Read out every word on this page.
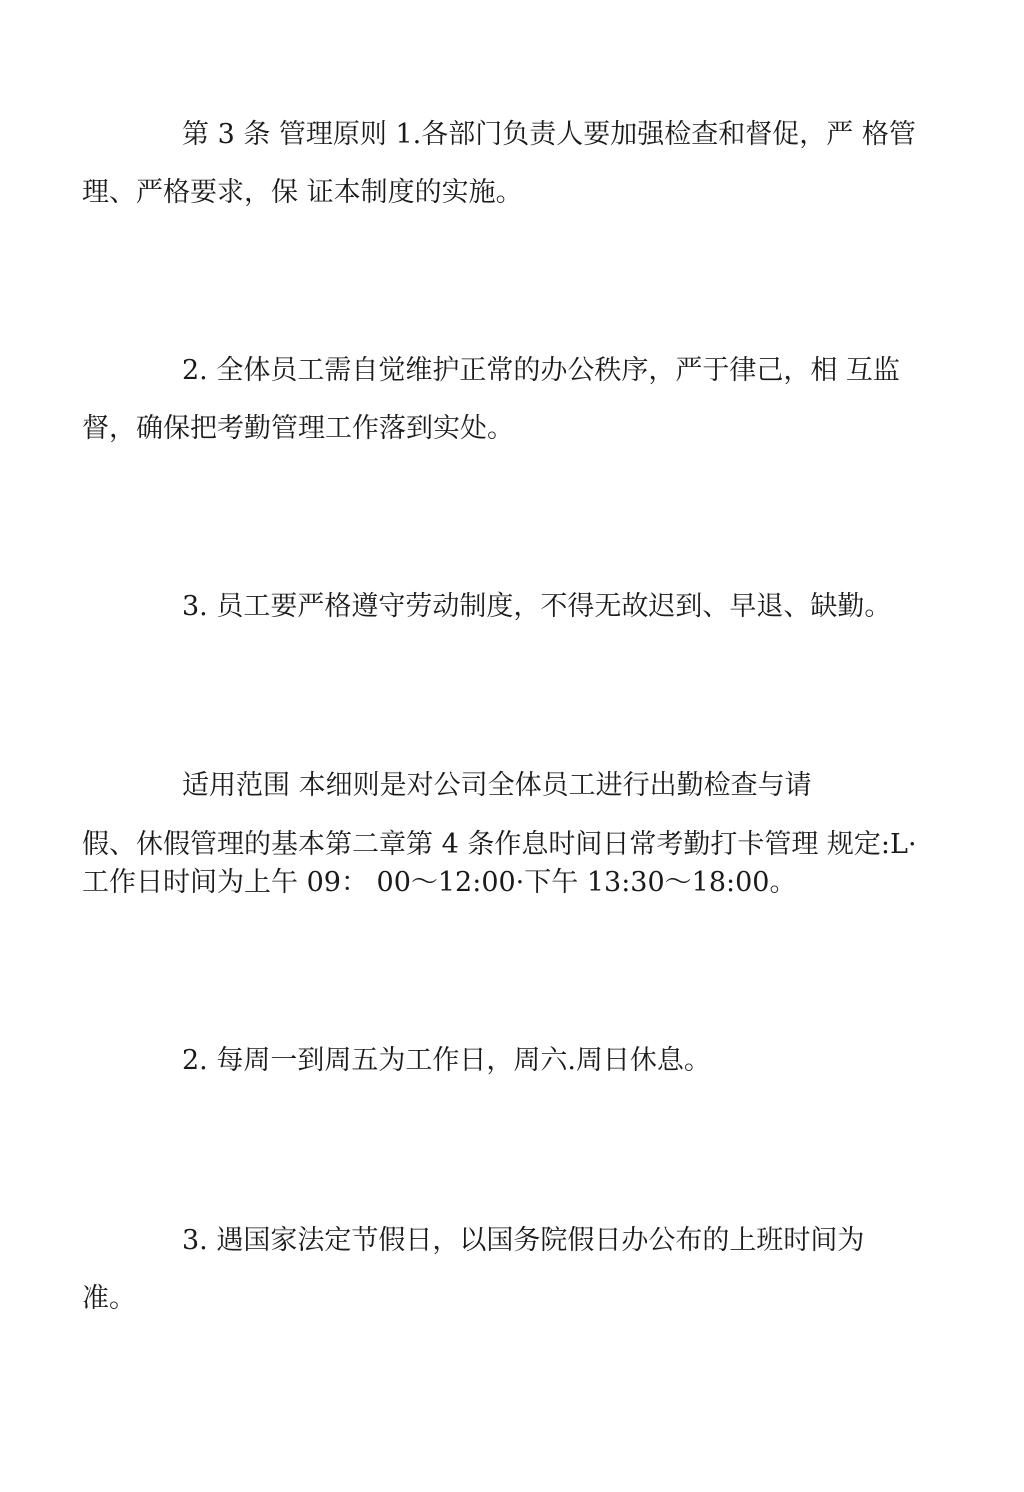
第 3 条 管理原则 1.各部门负责人要加强检查和督促，严 格管
理、严格要求，保 证本制度的实施。
2. 全体员工需自觉维护正常的办公秩序，严于律己，相 互监
督，确保把考勤管理工作落到实处。
3. 员工要严格遵守劳动制度，不得无故迟到、早退、缺勤。
适用范围 本细则是对公司全体员工进行出勤检查与请
假、休假管理的基本第二章第 4 条作息时间日常考勤打卡管理 规定:L·
工作日时间为上午 09： 00～12:00·下午 13:30～18:00。
2. 每周一到周五为工作日，周六.周日休息。
3. 遇国家法定节假日，以国务院假日办公布的上班时间为
准。
